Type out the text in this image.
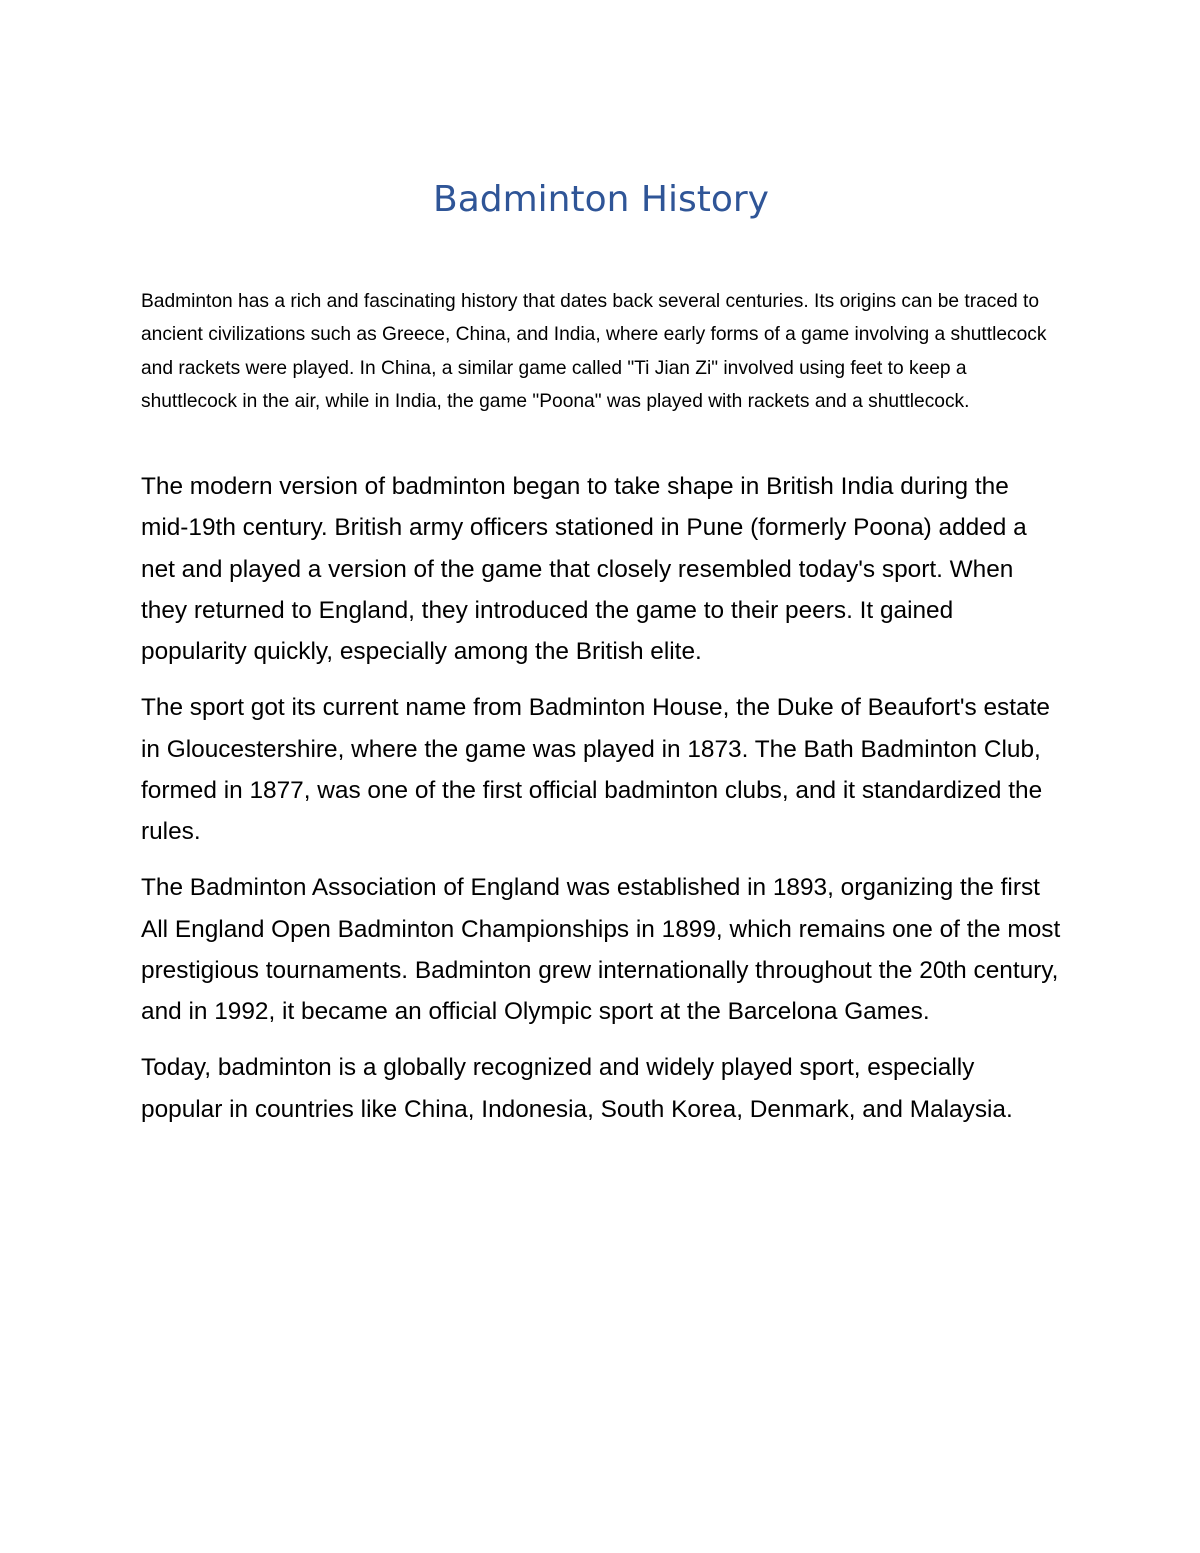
Badminton History

Badminton has a rich and fascinating history that dates back several centuries. Its origins can be traced to ancient civilizations such as Greece, China, and India, where early forms of a game involving a shuttlecock and rackets were played. In China, a similar game called "Ti Jian Zi" involved using feet to keep a shuttlecock in the air, while in India, the game "Poona" was played with rackets and a shuttlecock.

The modern version of badminton began to take shape in British India during the mid-19th century. British army officers stationed in Pune (formerly Poona) added a net and played a version of the game that closely resembled today's sport. When they returned to England, they introduced the game to their peers. It gained popularity quickly, especially among the British elite.

The sport got its current name from Badminton House, the Duke of Beaufort's estate in Gloucestershire, where the game was played in 1873. The Bath Badminton Club, formed in 1877, was one of the first official badminton clubs, and it standardized the rules.

The Badminton Association of England was established in 1893, organizing the first All England Open Badminton Championships in 1899, which remains one of the most prestigious tournaments. Badminton grew internationally throughout the 20th century, and in 1992, it became an official Olympic sport at the Barcelona Games.

Today, badminton is a globally recognized and widely played sport, especially popular in countries like China, Indonesia, South Korea, Denmark, and Malaysia.
